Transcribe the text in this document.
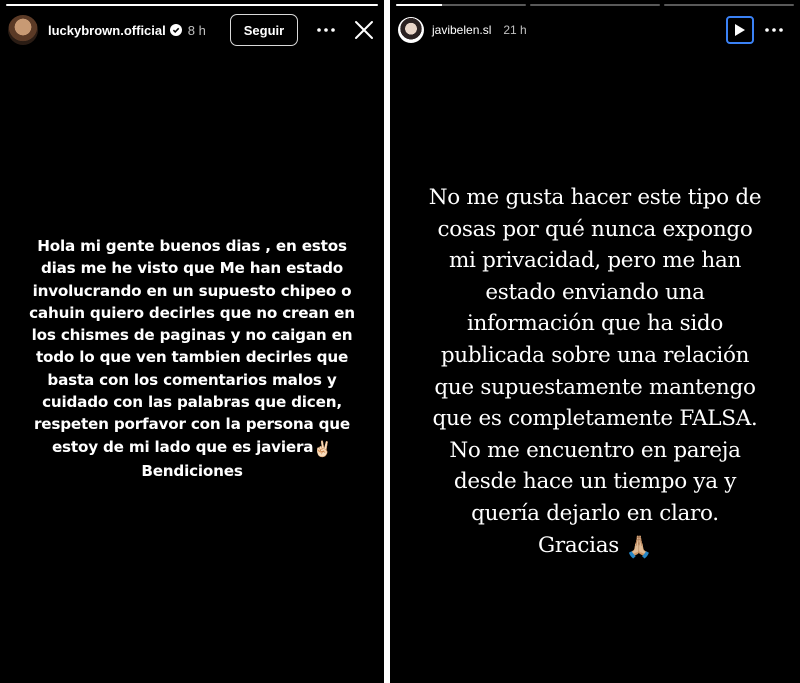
luckybrown.official 8 h	Seguir
Hola mi gente buenos dias , en estos
dias me he visto que Me han estado
involucrando en un supuesto chipeo o
cahuin quiero decirles que no crean en
los chismes de paginas y no caigan en
todo lo que ven tambien decirles que
basta con los comentarios malos y
cuidado con las palabras que dicen,
respeten porfavor con la persona que
estoy de mi lado que es javiera✌🏻
Bendiciones
javibelen.sl 21 h
No me gusta hacer este tipo de
cosas por qué nunca expongo
mi privacidad, pero me han
estado enviando una
información que ha sido
publicada sobre una relación
que supuestamente mantengo
que es completamente FALSA.
No me encuentro en pareja
desde hace un tiempo ya y
quería dejarlo en claro.
Gracias 🙏🏼
